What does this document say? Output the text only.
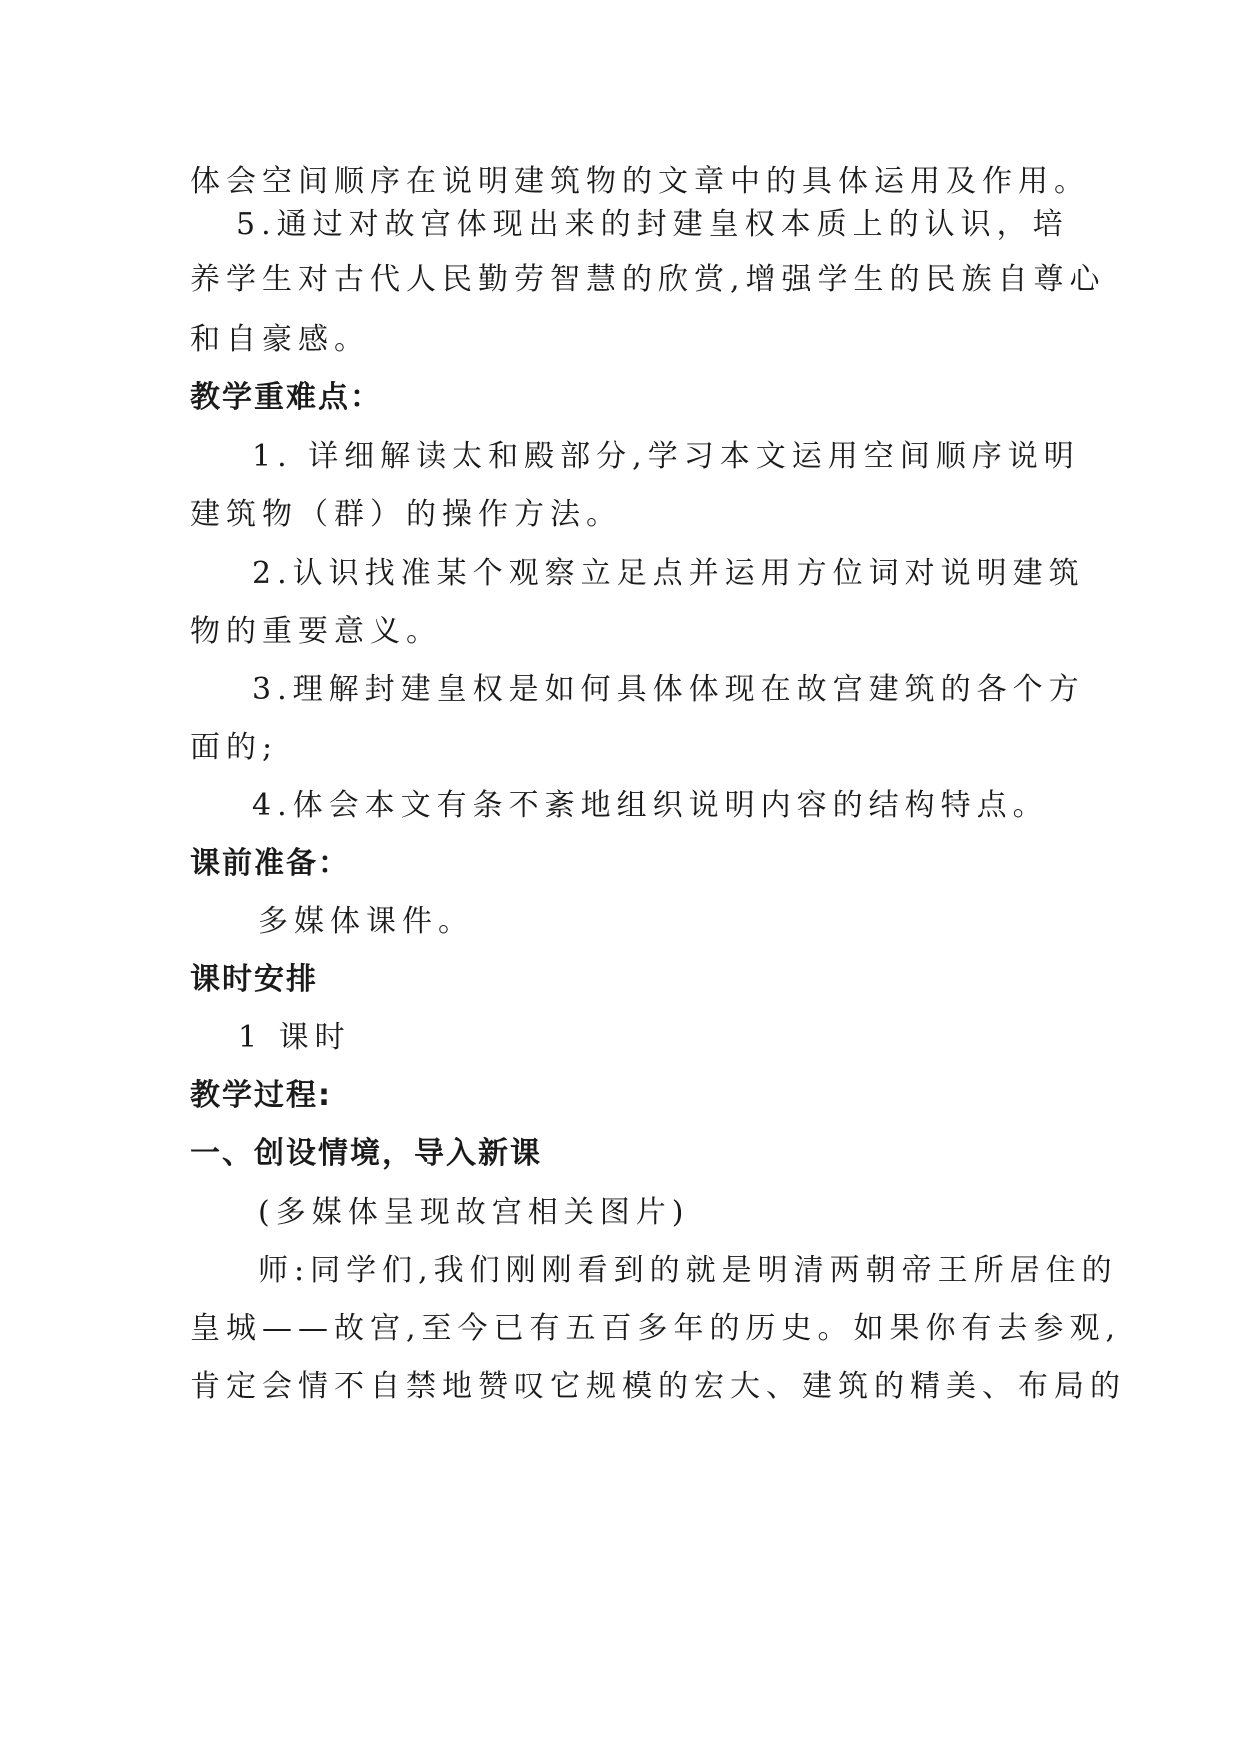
体会空间顺序在说明建筑物的文章中的具体运用及作用。
5.通过对故宫体现出来的封建皇权本质上的认识，培
养学生对古代人民勤劳智慧的欣赏,增强学生的民族自尊心
和自豪感。
教学重难点：
1. 详细解读太和殿部分,学习本文运用空间顺序说明
建筑物（群）的操作方法。
2.认识找准某个观察立足点并运用方位词对说明建筑
物的重要意义。
3.理解封建皇权是如何具体体现在故宫建筑的各个方
面的;
4.体会本文有条不紊地组织说明内容的结构特点。
课前准备：
多媒体课件。
课时安排
1 课时
教学过程:
一、创设情境，导入新课
(多媒体呈现故宫相关图片)
师:同学们,我们刚刚看到的就是明清两朝帝王所居住的
皇城——故宫,至今已有五百多年的历史。如果你有去参观,
肯定会情不自禁地赞叹它规模的宏大、建筑的精美、布局的
